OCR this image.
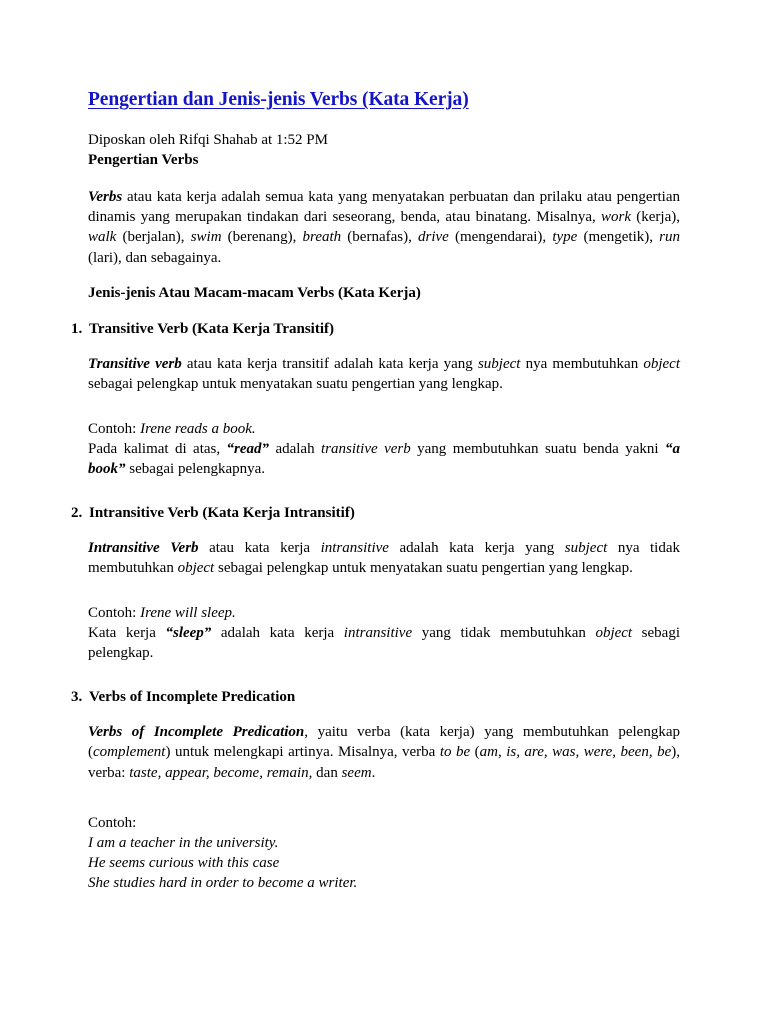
Pengertian dan Jenis-jenis Verbs (Kata Kerja)

Diposkan oleh Rifqi Shahab at 1:52 PM

Pengertian Verbs

Verbs atau kata kerja adalah semua kata yang menyatakan perbuatan dan prilaku atau pengertian dinamis yang merupakan tindakan dari seseorang, benda, atau binatang. Misalnya, work (kerja), walk (berjalan), swim (berenang), breath (bernafas), drive (mengendarai), type (mengetik), run (lari), dan sebagainya.

Jenis-jenis Atau Macam-macam Verbs (Kata Kerja)

1. Transitive Verb (Kata Kerja Transitif)

Transitive verb atau kata kerja transitif adalah kata kerja yang subject nya membutuhkan object sebagai pelengkap untuk menyatakan suatu pengertian yang lengkap.

Contoh: Irene reads a book.
Pada kalimat di atas, “read” adalah transitive verb yang membutuhkan suatu benda yakni “a book” sebagai pelengkapnya.

2. Intransitive Verb (Kata Kerja Intransitif)

Intransitive Verb atau kata kerja intransitive adalah kata kerja yang subject nya tidak membutuhkan object sebagai pelengkap untuk menyatakan suatu pengertian yang lengkap.

Contoh: Irene will sleep.
Kata kerja “sleep” adalah kata kerja intransitive yang tidak membutuhkan object sebagi pelengkap.

3. Verbs of Incomplete Predication

Verbs of Incomplete Predication, yaitu verba (kata kerja) yang membutuhkan pelengkap (complement) untuk melengkapi artinya. Misalnya, verba to be (am, is, are, was, were, been, be), verba: taste, appear, become, remain, dan seem.

Contoh:
I am a teacher in the university.
He seems curious with this case
She studies hard in order to become a writer.
